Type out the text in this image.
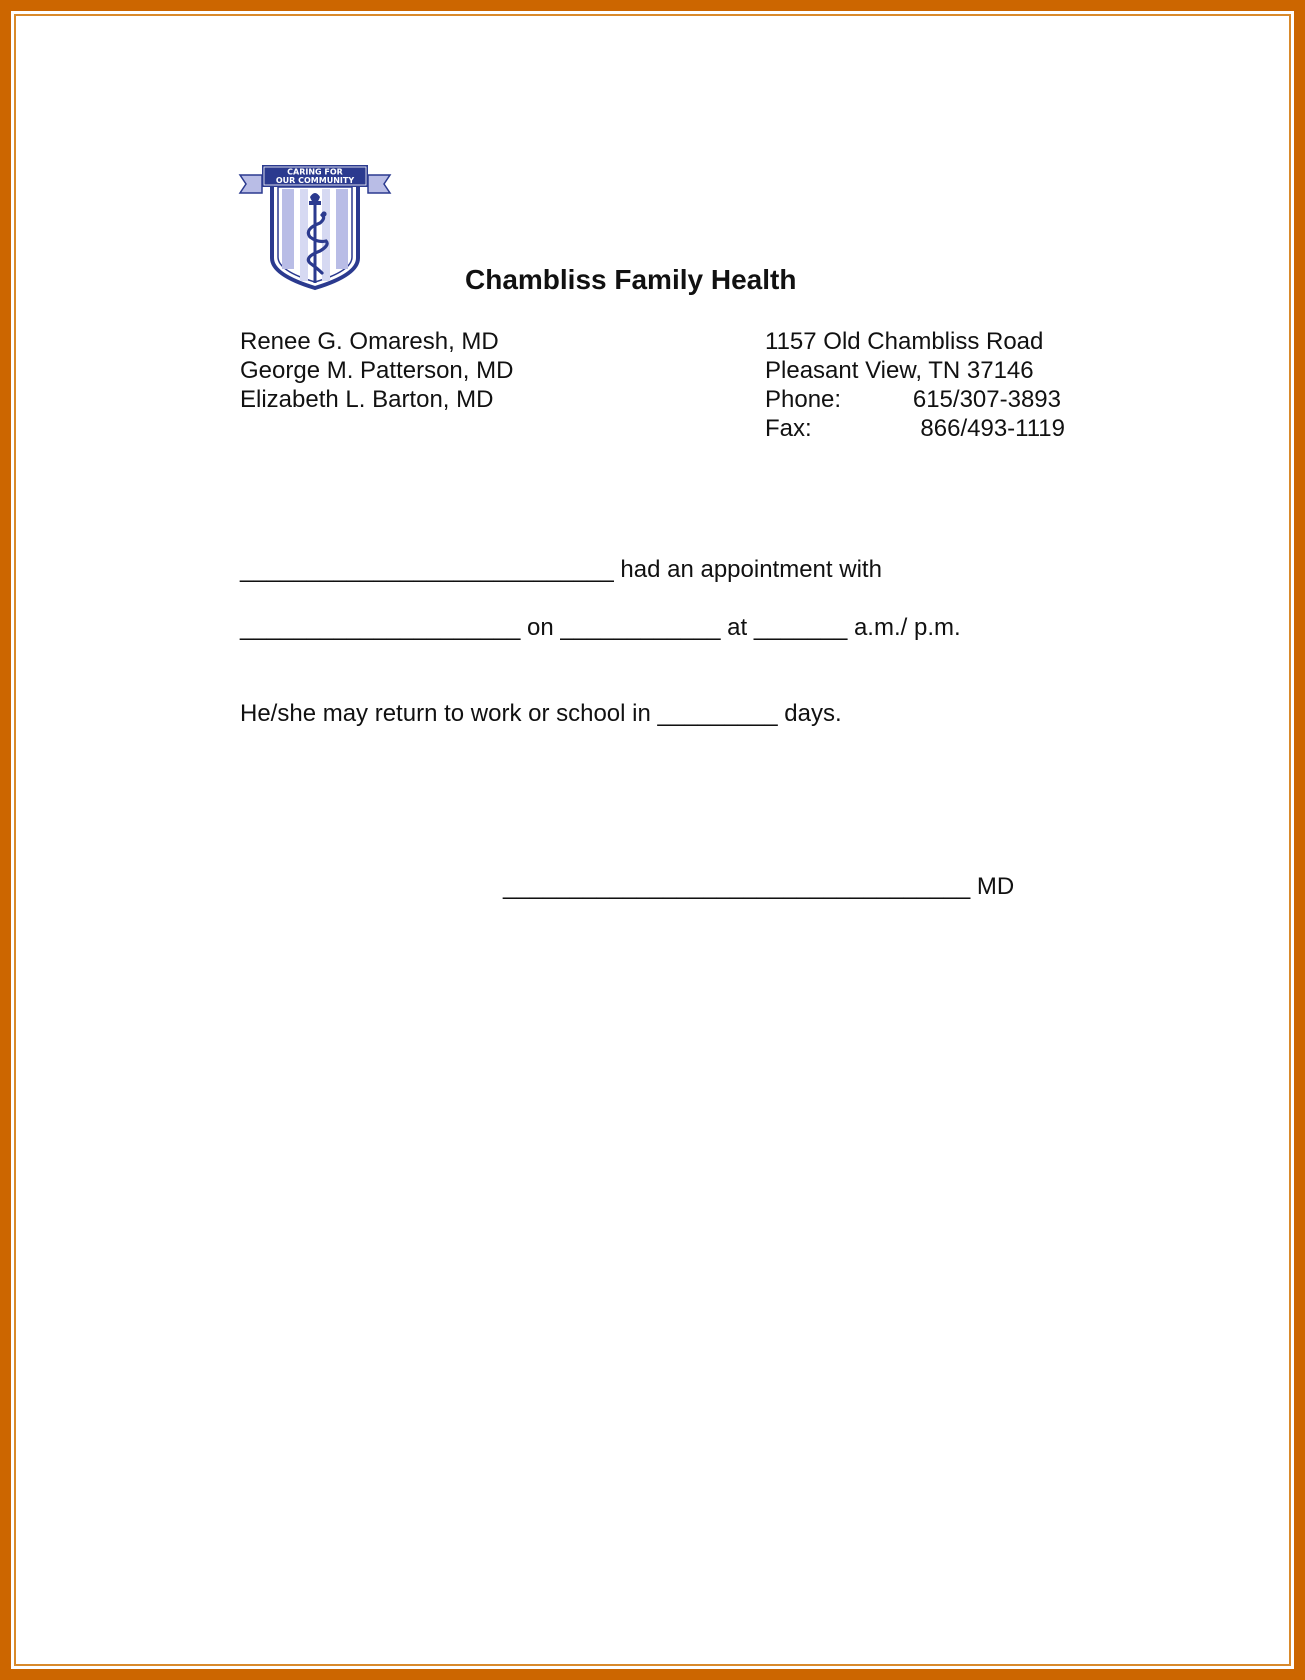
CARING FOR
OUR COMMUNITY
Chambliss Family Health
Renee G. Omaresh, MD
George M. Patterson, MD
Elizabeth L. Barton, MD
1157 Old Chambliss Road
Pleasant View, TN 37146
Phone:	615/307-3893
Fax:	866/493-1119
____________________________ had an appointment with
_____________________ on ____________ at _______ a.m./ p.m.
He/she may return to work or school in _________ days.
___________________________________ MD
